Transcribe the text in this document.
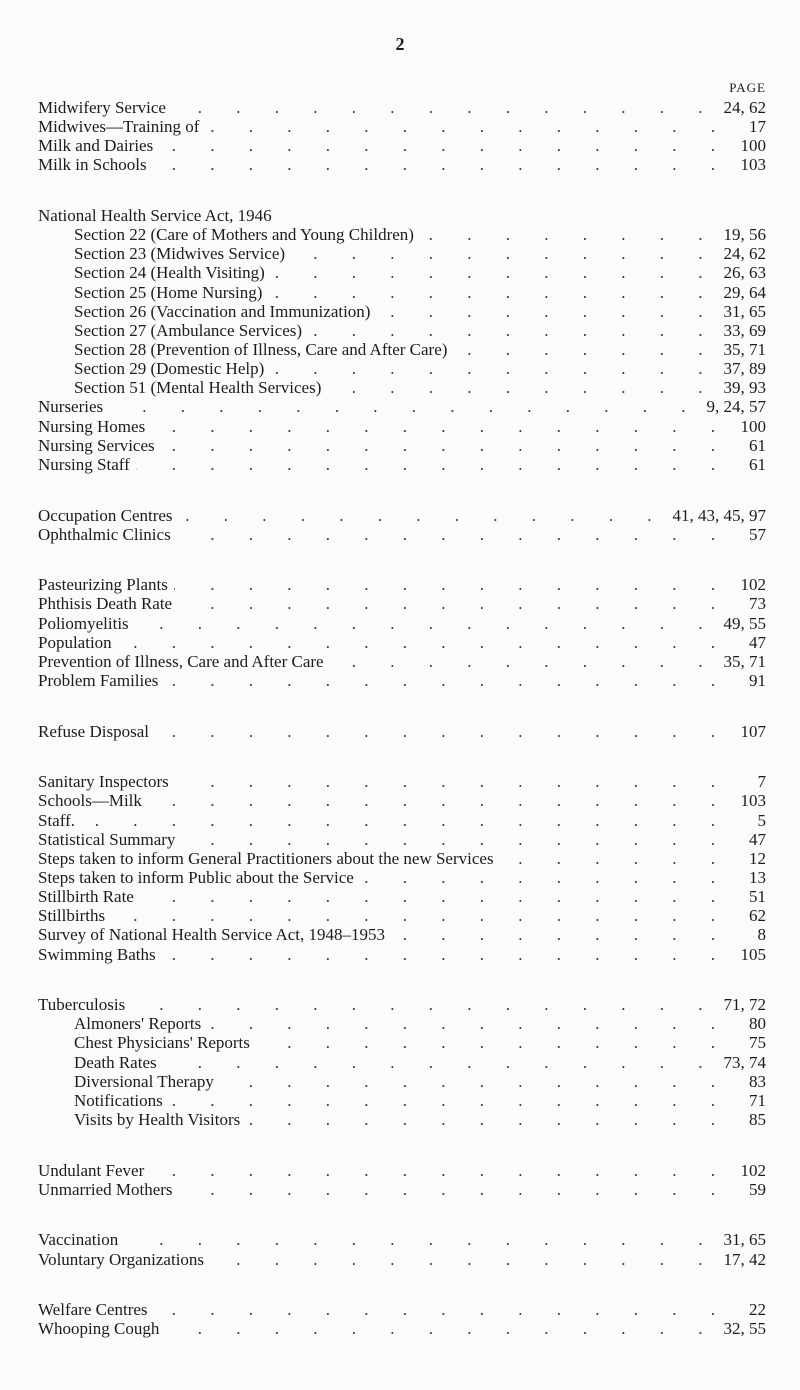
2
PAGE
Midwifery Service . . .	24, 62
Midwives—Training of . . .	17
Milk and Dairies . . .	100
Milk in Schools . . .	103
National Health Service Act, 1946
Section 22 (Care of Mothers and Young Children) . . .	19, 56
Section 23 (Midwives Service) . . .	24, 62
Section 24 (Health Visiting) . . .	26, 63
Section 25 (Home Nursing) . . .	29, 64
Section 26 (Vaccination and Immunization) . . .	31, 65
Section 27 (Ambulance Services) . . .	33, 69
Section 28 (Prevention of Illness, Care and After Care) . . .	35, 71
Section 29 (Domestic Help) . . .	37, 89
Section 51 (Mental Health Services) . . .	39, 93
Nurseries . . .	9, 24, 57
Nursing Homes . . .	100
Nursing Services . . .	61
Nursing Staff . . .	61
Occupation Centres . . .	41, 43, 45, 97
Ophthalmic Clinics . . .	57
Pasteurizing Plants . . .	102
Phthisis Death Rate . . .	73
Poliomyelitis . . .	49, 55
Population . . .	47
Prevention of Illness, Care and After Care . . .	35, 71
Problem Families . . .	91
Refuse Disposal . . .	107
Sanitary Inspectors . . .	7
Schools—Milk . . .	103
Staff. . . .	5
Statistical Summary . . .	47
Steps taken to inform General Practitioners about the new Services . . .	12
Steps taken to inform Public about the Service . . .	13
Stillbirth Rate . . .	51
Stillbirths . . .	62
Survey of National Health Service Act, 1948–1953 . . .	8
Swimming Baths . . .	105
Tuberculosis . . .	71, 72
Almoners' Reports . . .	80
Chest Physicians' Reports . . .	75
Death Rates . . .	73, 74
Diversional Therapy . . .	83
Notifications . . .	71
Visits by Health Visitors . . .	85
Undulant Fever . . .	102
Unmarried Mothers . . .	59
Vaccination . . .	31, 65
Voluntary Organizations . . .	17, 42
Welfare Centres . . .	22
Whooping Cough . . .	32, 55
